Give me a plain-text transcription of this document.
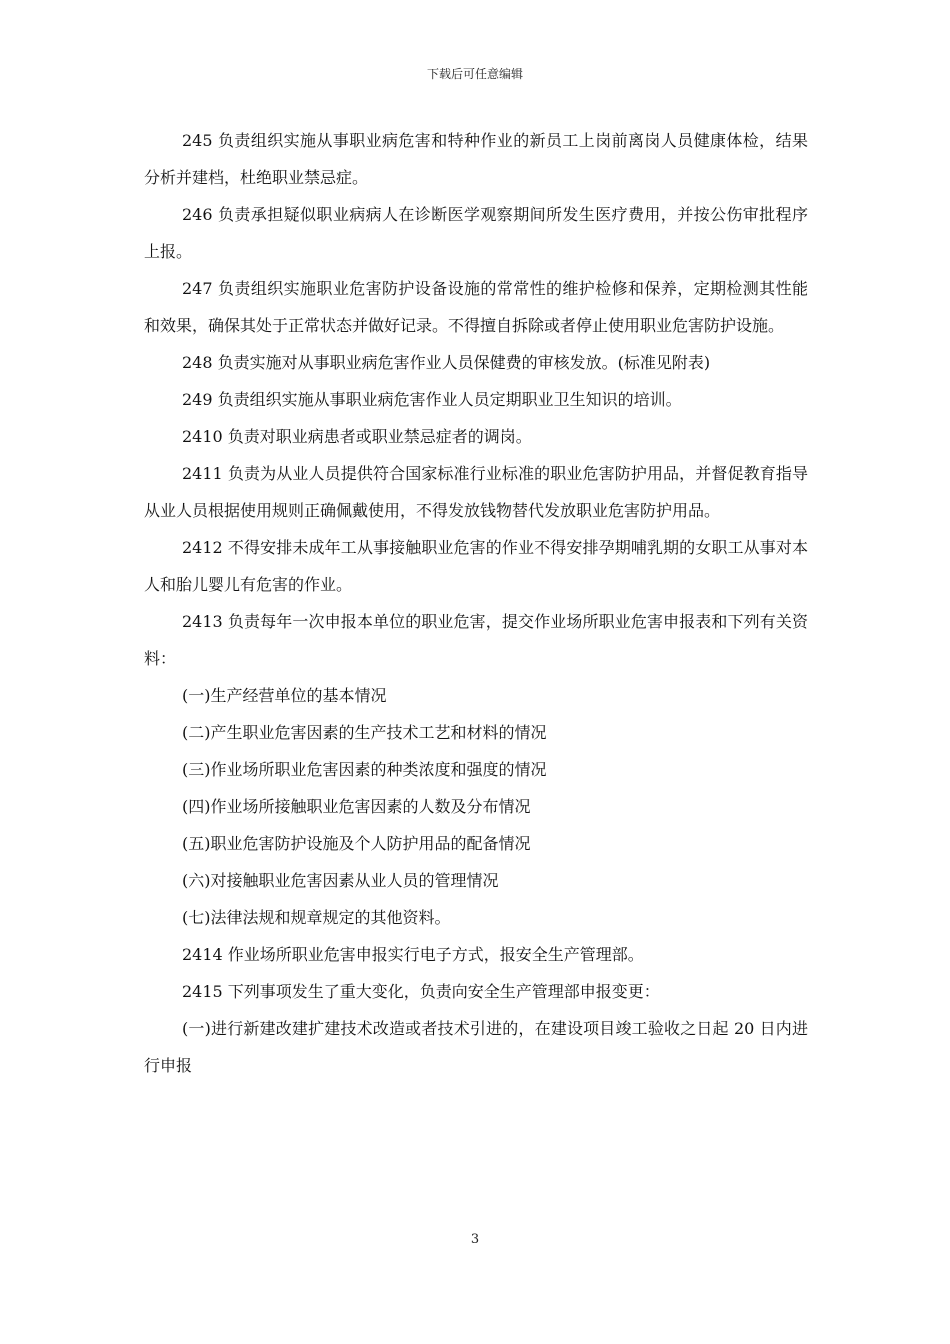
下载后可任意编辑

245 负责组织实施从事职业病危害和特种作业的新员工上岗前离岗人员健康体检，结果分析并建档，杜绝职业禁忌症。

246 负责承担疑似职业病病人在诊断医学观察期间所发生医疗费用，并按公伤审批程序上报。

247 负责组织实施职业危害防护设备设施的常常性的维护检修和保养，定期检测其性能和效果，确保其处于正常状态并做好记录。不得擅自拆除或者停止使用职业危害防护设施。

248 负责实施对从事职业病危害作业人员保健费的审核发放。(标准见附表)

249 负责组织实施从事职业病危害作业人员定期职业卫生知识的培训。

2410 负责对职业病患者或职业禁忌症者的调岗。

2411 负责为从业人员提供符合国家标准行业标准的职业危害防护用品，并督促教育指导从业人员根据使用规则正确佩戴使用，不得发放钱物替代发放职业危害防护用品。

2412 不得安排未成年工从事接触职业危害的作业不得安排孕期哺乳期的女职工从事对本人和胎儿婴儿有危害的作业。

2413 负责每年一次申报本单位的职业危害，提交作业场所职业危害申报表和下列有关资料：

(一)生产经营单位的基本情况

(二)产生职业危害因素的生产技术工艺和材料的情况

(三)作业场所职业危害因素的种类浓度和强度的情况

(四)作业场所接触职业危害因素的人数及分布情况

(五)职业危害防护设施及个人防护用品的配备情况

(六)对接触职业危害因素从业人员的管理情况

(七)法律法规和规章规定的其他资料。

2414 作业场所职业危害申报实行电子方式，报安全生产管理部。

2415 下列事项发生了重大变化，负责向安全生产管理部申报变更：

(一)进行新建改建扩建技术改造或者技术引进的，在建设项目竣工验收之日起 20 日内进行申报

3
